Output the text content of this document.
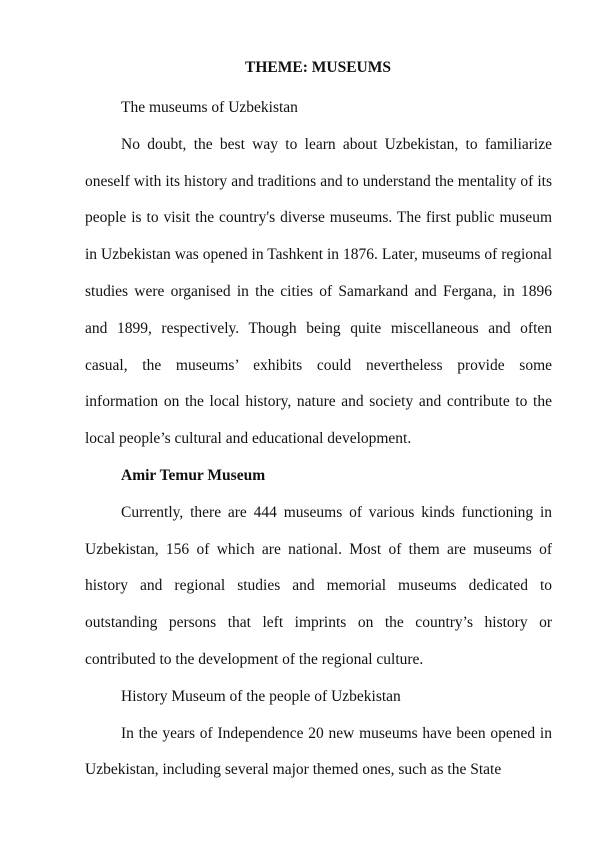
THEME: MUSEUMS

The museums of Uzbekistan

No doubt, the best way to learn about Uzbekistan, to familiarize oneself with its history and traditions and to understand the mentality of its people is to visit the country's diverse museums. The first public museum in Uzbekistan was opened in Tashkent in 1876. Later, museums of regional studies were organised in the cities of Samarkand and Fergana, in 1896 and 1899, respectively. Though being quite miscellaneous and often casual, the museums’ exhibits could nevertheless provide some information on the local history, nature and society and contribute to the local people’s cultural and educational development.

Amir Temur Museum

Currently, there are 444 museums of various kinds functioning in Uzbekistan, 156 of which are national. Most of them are museums of history and regional studies and memorial museums dedicated to outstanding persons that left imprints on the country’s history or contributed to the development of the regional culture.

History Museum of the people of Uzbekistan

In the years of Independence 20 new museums have been opened in Uzbekistan, including several major themed ones, such as the State
